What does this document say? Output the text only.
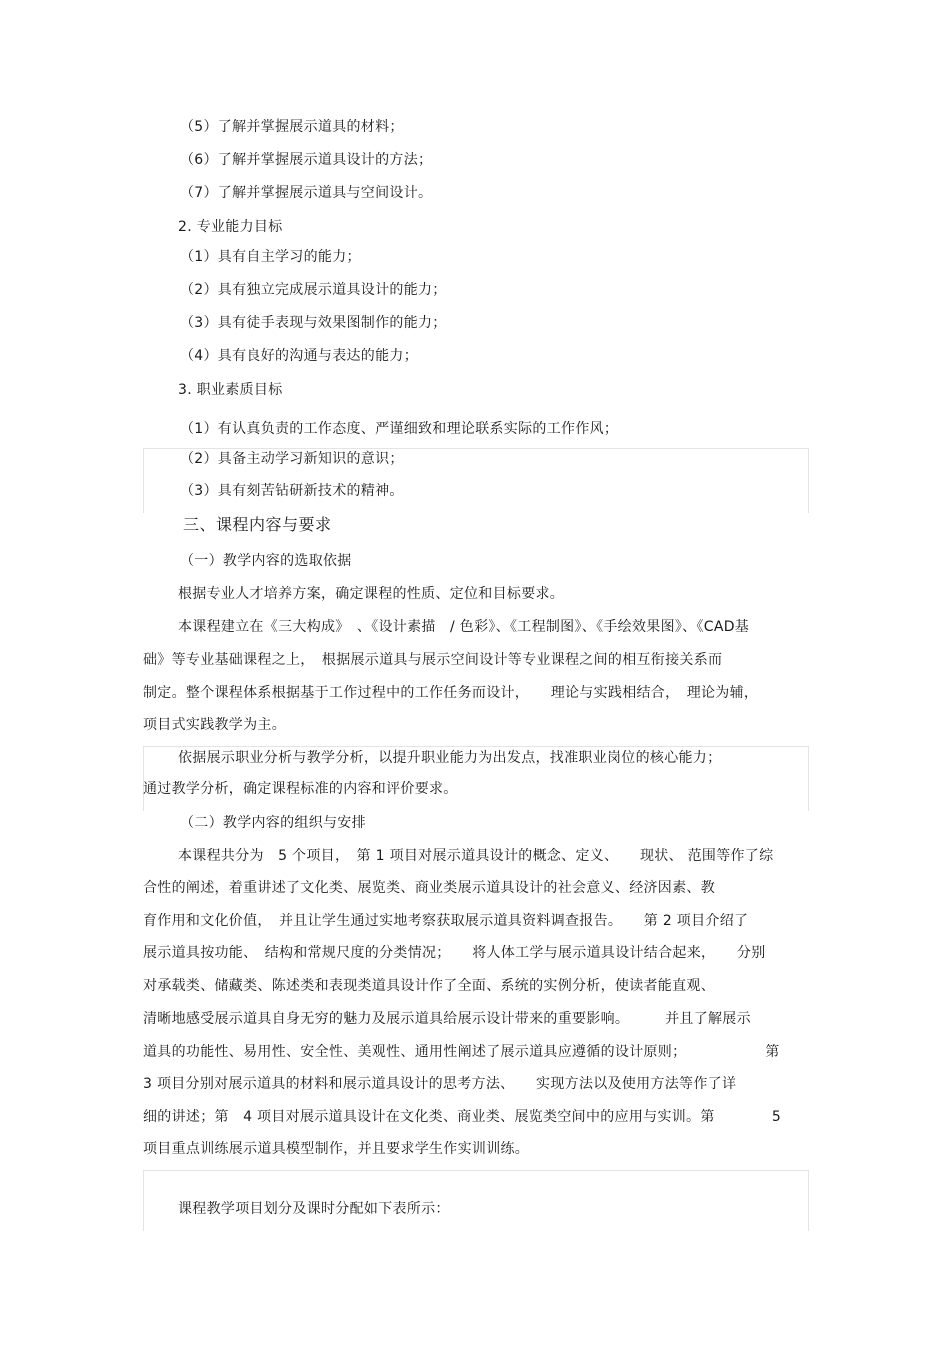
（5）了解并掌握展示道具的材料；
（6）了解并掌握展示道具设计的方法；
（7）了解并掌握展示道具与空间设计。
2. 专业能力目标
（1）具有自主学习的能力；
（2）具有独立完成展示道具设计的能力；
（3）具有徒手表现与效果图制作的能力；
（4）具有良好的沟通与表达的能力；
3. 职业素质目标
（1）有认真负责的工作态度、严谨细致和理论联系实际的工作作风；
（2）具备主动学习新知识的意识；
（3）具有刻苦钻研新技术的精神。
三、课程内容与要求
（一）教学内容的选取依据
根据专业人才培养方案，确定课程的性质、定位和目标要求。
本课程建立在《三大构成》　、《设计素描　/ 色彩》、《工程制图》、《手绘效果图》、《CAD基
础》等专业基础课程之上，　根据展示道具与展示空间设计等专业课程之间的相互衔接关系而
制定。整个课程体系根据基于工作过程中的工作任务而设计，　　理论与实践相结合，　理论为辅，
项目式实践教学为主。
依据展示职业分析与教学分析，以提升职业能力为出发点，找准职业岗位的核心能力；
通过教学分析，确定课程标准的内容和评价要求。
（二）教学内容的组织与安排
本课程共分为　5 个项目，　第 1 项目对展示道具设计的概念、定义、　　现状、 范围等作了综
合性的阐述，着重讲述了文化类、展览类、商业类展示道具设计的社会意义、经济因素、教
育作用和文化价值，　并且让学生通过实地考察获取展示道具资料调查报告。　　第 2 项目介绍了
展示道具按功能、　结构和常规尺度的分类情况；　　将人体工学与展示道具设计结合起来，　　分别
对承载类、储藏类、陈述类和表现类道具设计作了全面、系统的实例分析，使读者能直观、
清晰地感受展示道具自身无穷的魅力及展示道具给展示设计带来的重要影响。　　　并且了解展示
道具的功能性、易用性、安全性、美观性、通用性阐述了展示道具应遵循的设计原则；　　　　　　第
3 项目分别对展示道具的材料和展示道具设计的思考方法、　　实现方法以及使用方法等作了详
细的讲述；第　4 项目对展示道具设计在文化类、商业类、展览类空间中的应用与实训。第　　　　5
项目重点训练展示道具模型制作，并且要求学生作实训训练。
课程教学项目划分及课时分配如下表所示：
